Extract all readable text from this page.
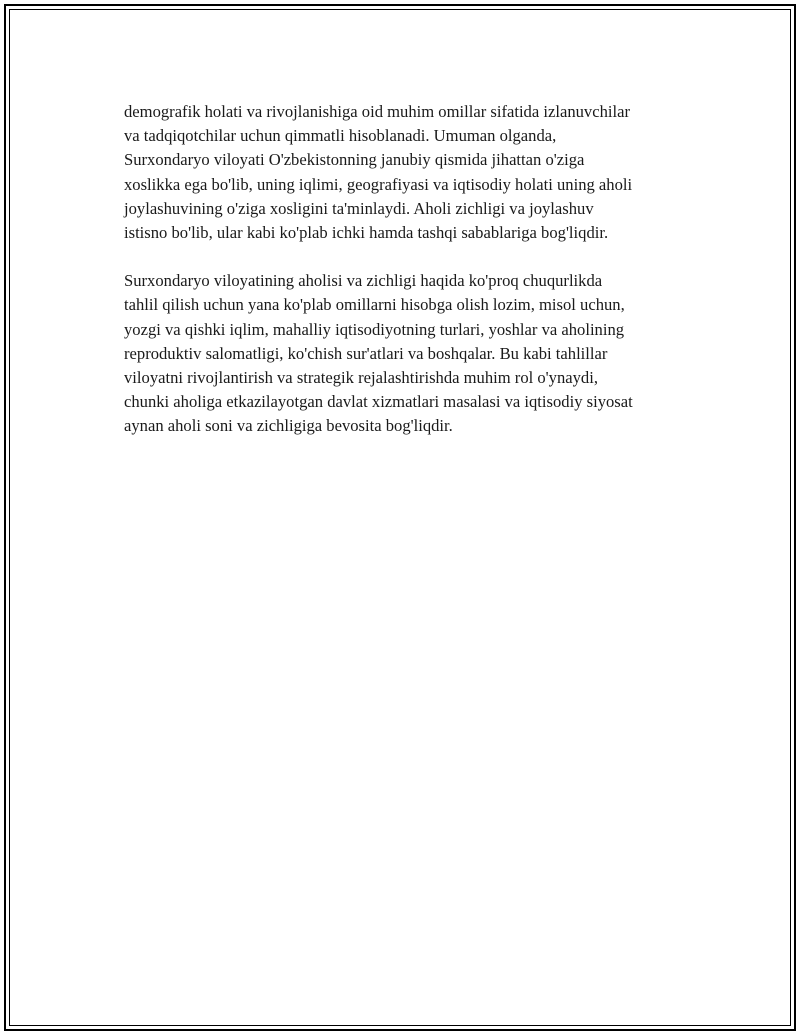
demografik holati va rivojlanishiga oid muhim omillar sifatida izlanuvchilar
va tadqiqotchilar uchun qimmatli hisoblanadi. Umuman olganda,
Surxondaryo viloyati O'zbekistonning janubiy qismida jihattan o'ziga
xoslikka ega bo'lib, uning iqlimi, geografiyasi va iqtisodiy holati uning aholi
joylashuvining o'ziga xosligini ta'minlaydi. Aholi zichligi va joylashuv
istisno bo'lib, ular kabi ko'plab ichki hamda tashqi sabablariga bog'liqdir.

Surxondaryo viloyatining aholisi va zichligi haqida ko'proq chuqurlikda
tahlil qilish uchun yana ko'plab omillarni hisobga olish lozim, misol uchun,
yozgi va qishki iqlim, mahalliy iqtisodiyotning turlari, yoshlar va aholining
reproduktiv salomatligi, ko'chish sur'atlari va boshqalar. Bu kabi tahlillar
viloyatni rivojlantirish va strategik rejalashtirishda muhim rol o'ynaydi,
chunki aholiga etkazilayotgan davlat xizmatlari masalasi va iqtisodiy siyosat
aynan aholi soni va zichligiga bevosita bog'liqdir.
